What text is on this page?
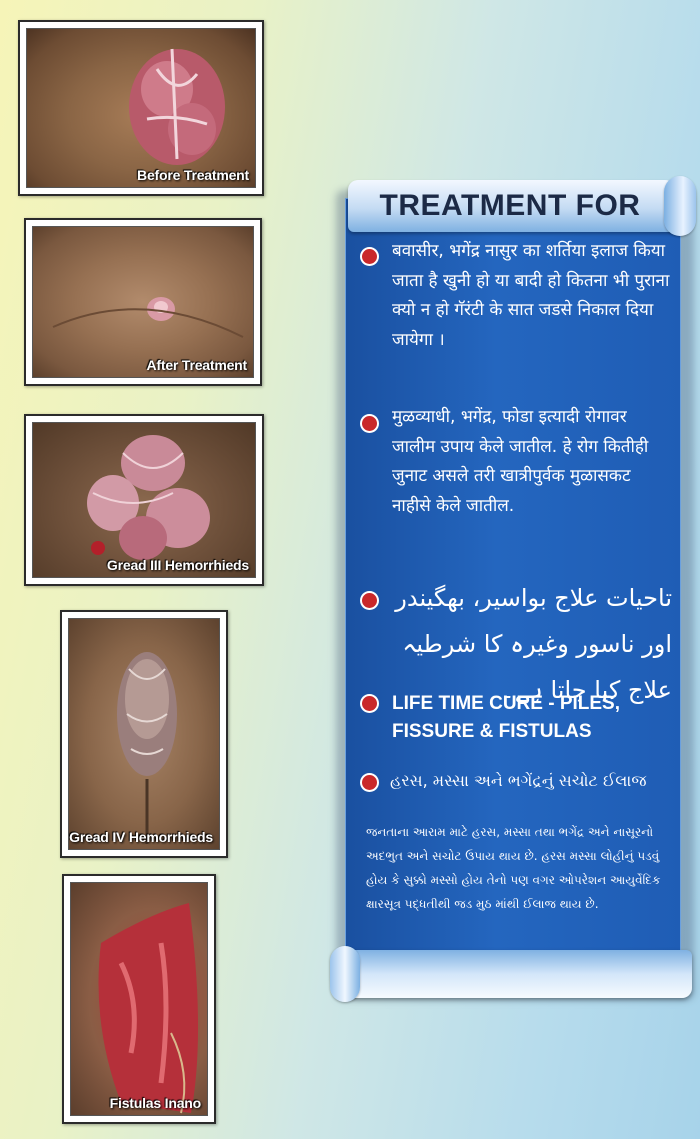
Before Treatment
After Treatment
Gread III Hemorrhieds
Gread IV Hemorrhieds
Fistulas Inano
TREATMENT FOR
बवासीर, भगेंद्र नासुर का शर्तिया इलाज किया जाता है खुनी हो या बादी हो कितना भी पुराना क्यो न हो गॅरंटी के सात जडसे निकाल दिया जायेगा ।
मुळव्याधी, भगेंद्र, फोडा इत्यादी रोगावर जालीम उपाय केले जातील. हे रोग कितीही जुनाट असले तरी खात्रीपुर्वक मुळासकट नाहीसे केले जातील.
تاحیات علاج بواسیر، بھگیندر اور ناسور وغیرہ کا شرطیہ علاج کیا جاتا ہے۔
LIFE TIME CURE - PILES, FISSURE & FISTULAS
હરસ, મસ્સા અને ભગેંદ્રનું સચોટ ઈલાજ
જનતાના આરામ માટે હરસ, મસ્સા તથા ભગેંદ્ર અને નાસૂરનો અદભુત અને સચોટ ઉપાય થાય છે. હરસ મસ્સા લોહીનું પડવું હોય કે સુક્કો મસ્સો હોય તેનો પણ વગર ઓપરેશન આયુર્વેદિક ક્ષારસૂત્ર પદ્ધતીથી જડ મુઠ માંથી ઈલાજ થાય છે.
